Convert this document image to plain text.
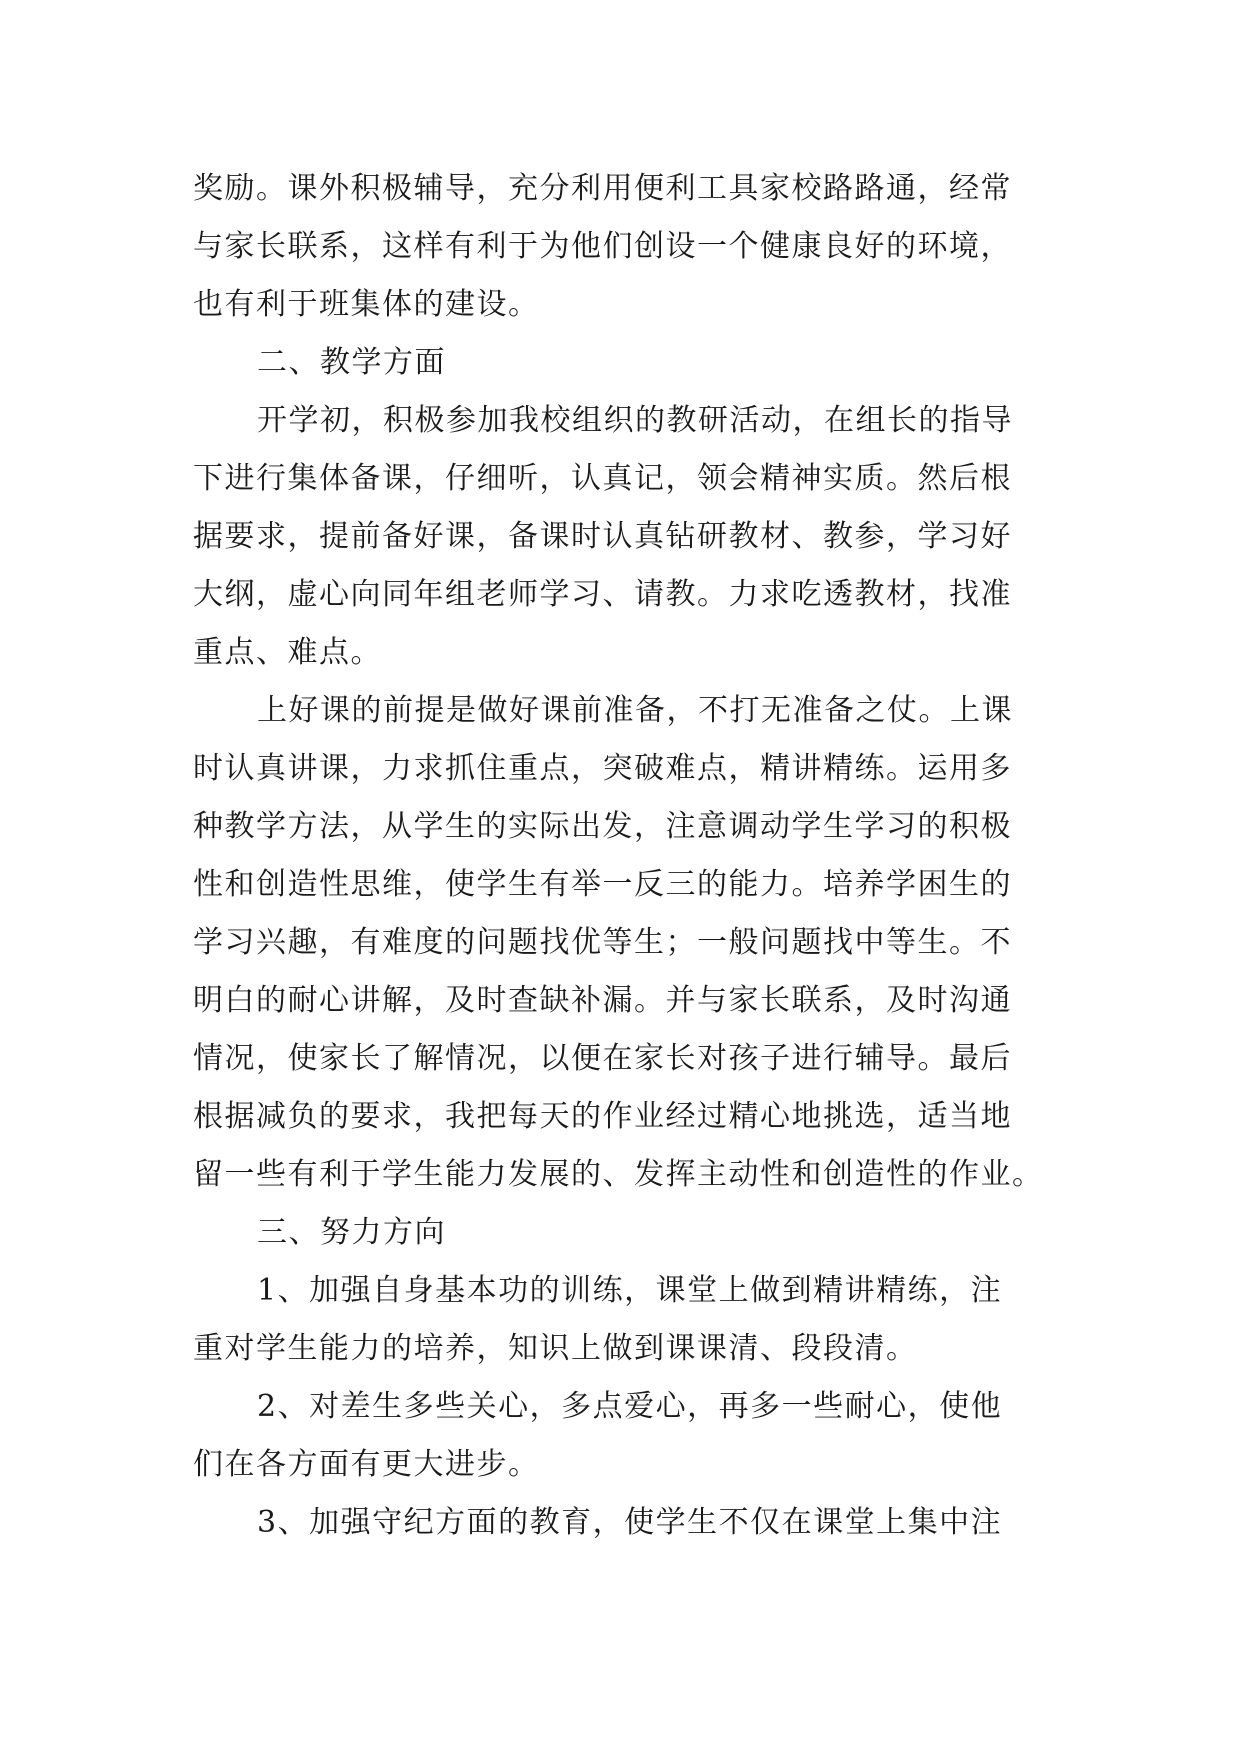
奖励。课外积极辅导，充分利用便利工具家校路路通，经常
与家长联系，这样有利于为他们创设一个健康良好的环境，
也有利于班集体的建设。
二、教学方面
开学初，积极参加我校组织的教研活动，在组长的指导
下进行集体备课，仔细听，认真记，领会精神实质。然后根
据要求，提前备好课，备课时认真钻研教材、教参，学习好
大纲，虚心向同年组老师学习、请教。力求吃透教材，找准
重点、难点。
上好课的前提是做好课前准备，不打无准备之仗。上课
时认真讲课，力求抓住重点，突破难点，精讲精练。运用多
种教学方法，从学生的实际出发，注意调动学生学习的积极
性和创造性思维，使学生有举一反三的能力。培养学困生的
学习兴趣，有难度的问题找优等生；一般问题找中等生。不
明白的耐心讲解，及时查缺补漏。并与家长联系，及时沟通
情况，使家长了解情况，以便在家长对孩子进行辅导。最后
根据减负的要求，我把每天的作业经过精心地挑选，适当地
留一些有利于学生能力发展的、发挥主动性和创造性的作业。
三、努力方向
1、加强自身基本功的训练，课堂上做到精讲精练，注
重对学生能力的培养，知识上做到课课清、段段清。
2、对差生多些关心，多点爱心，再多一些耐心，使他
们在各方面有更大进步。
3、加强守纪方面的教育，使学生不仅在课堂上集中注
